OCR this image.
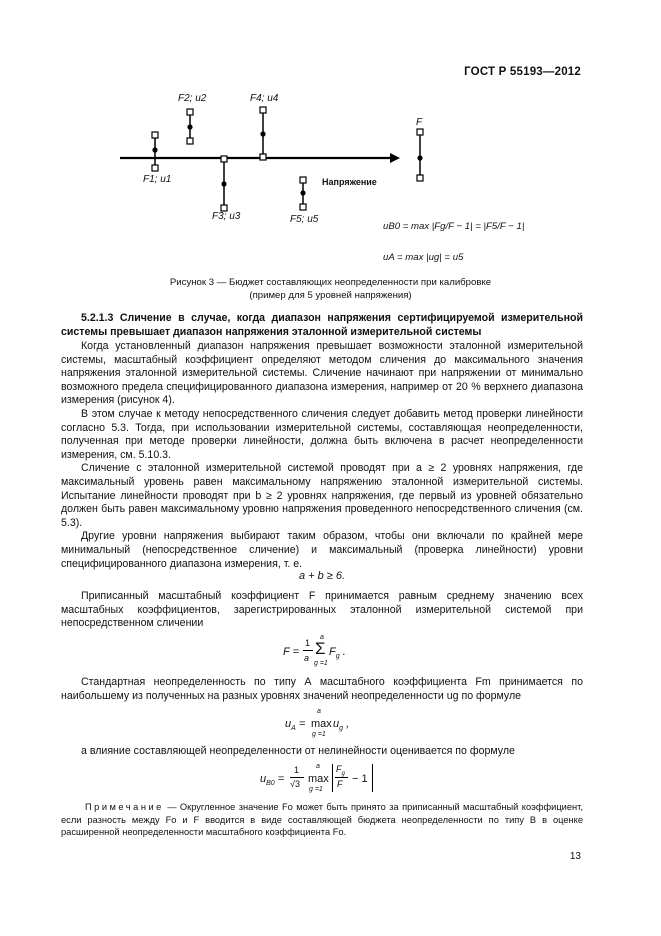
ГОСТ Р 55193—2012
F1; u1
F2; u2
F3; u3
F4; u4
F5; u5
F
Напряжение
uB0 = max |Fg/F − 1| = |F5/F − 1|
uA = max |ug| = u5
Рисунок 3 — Бюджет составляющих неопределенности при калибровке
(пример для 5 уровней напряжения)
5.2.1.3 Сличение в случае, когда диапазон напряжения сертифицируемой измерительной системы превышает диапазон напряжения эталонной измерительной системы

Когда установленный диапазон напряжения превышает возможности эталонной измерительной системы, масштабный коэффициент определяют методом сличения до максимального значения напряжения эталонной измерительной системы. Сличение начинают при напряжении от минимально возможного предела специфицированного диапазона измерения, например от 20 % верхнего диапазона измерения (рисунок 4).

В этом случае к методу непосредственного сличения следует добавить метод проверки линейности согласно 5.3. Тогда, при использовании измерительной системы, составляющая неопределенности, полученная при методе проверки линейности, должна быть включена в расчет неопределенности измерения, см. 5.10.3.

Сличение с эталонной измерительной системой проводят при a ≥ 2 уровнях напряжения, где максимальный уровень равен максимальному напряжению эталонной измерительной системы. Испытание линейности проводят при b ≥ 2 уровнях напряжения, где первый из уровней обязательно должен быть равен максимальному уровню напряжения проведенного непосредственного сличения (см. 5.3).

Другие уровни напряжения выбирают таким образом, чтобы они включали по крайней мере минимальный (непосредственное сличение) и максимальный (проверка линейности) уровни специфицированного диапазона измерения, т. е.

a + b ≥ 6.

Приписанный масштабный коэффициент F принимается равным среднему значению всех масштабных коэффициентов, зарегистрированных эталонной измерительной системой при непосредственном сличении

F =
1
a
a
Σ
g =1
$F_g$ .

Стандартная неопределенность по типу А масштабного коэффициента Fm принимается по наибольшему из полученных на разных уровнях значений неопределенности ug по формуле

$u_A$ =
a
max
g =1
$u_g$ ,

а влияние составляющей неопределенности от нелинейности оценивается по формуле

$u_{B0}$ =
1
√3
a
max
g =1
$F_g$
F − 1
Примечание — Округленное значение Fo может быть принято за приписанный масштабный коэффициент, если разность между Fo и F вводится в виде составляющей бюджета неопределенности по типу В в оценке расширенной неопределенности масштабного коэффициента Fo.
13
